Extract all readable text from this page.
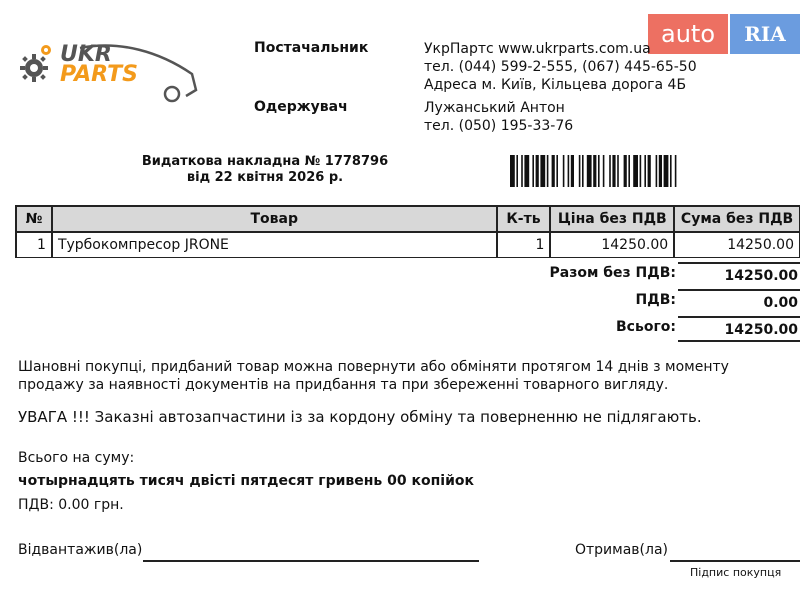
UKR
PARTS
auto	RIA
Постачальник	УкрПартс www.ukrparts.com.ua
тел. (044) 599-2-555, (067) 445-65-50
Адреса м. Київ, Кільцева дорога 4Б
Одержувач	Лужанський Антон
тел. (050) 195-33-76
Видаткова накладна № 1778796
від 22 квітня 2026 р.
№	Товар	К-ть	Ціна без ПДВ	Сума без ПДВ
1	Турбокомпресор JRONE	1	14250.00	14250.00
Разом без ПДВ:	14250.00
ПДВ:	0.00
Всього:	14250.00
Шановні покупці, придбаний товар можна повернути або обміняти протягом 14 днів з моменту продажу за наявності документів на придбання та при збереженні товарного вигляду.
УВАГА !!! Заказні автозапчастини із за кордону обміну та поверненню не підлягають.
Всього на суму:
чотырнадцять тисяч двісті пятдесят гривень 00 копійок
ПДВ: 0.00 грн.
Відвантажив(ла)	Отримав(ла)
Підпис покупця
